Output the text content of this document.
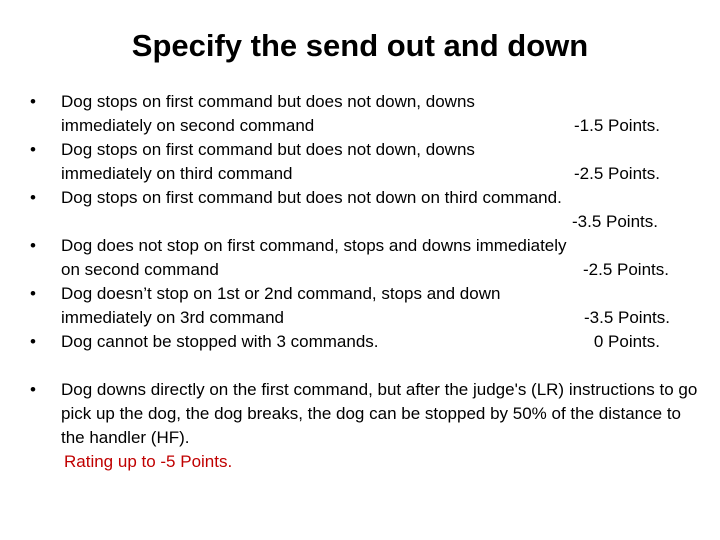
Specify the send out and down
• Dog stops on first command but does not down, downs
immediately on second command	-1.5 Points.
• Dog stops on first command but does not down, downs
immediately on third command	-2.5 Points.
• Dog stops on first command but does not down on third command.
-3.5 Points.
• Dog does not stop on first command, stops and downs immediately
on second command	-2.5 Points.
• Dog doesn’t stop on 1st or 2nd command, stops and down
immediately on 3rd command	-3.5 Points.
• Dog cannot be stopped with 3 commands.	0 Points.
• Dog downs directly on the first command, but after the judge's (LR) instructions to go pick up the dog, the dog breaks, the dog can be stopped by 50% of the distance to the handler (HF).
Rating up to -5 Points.
